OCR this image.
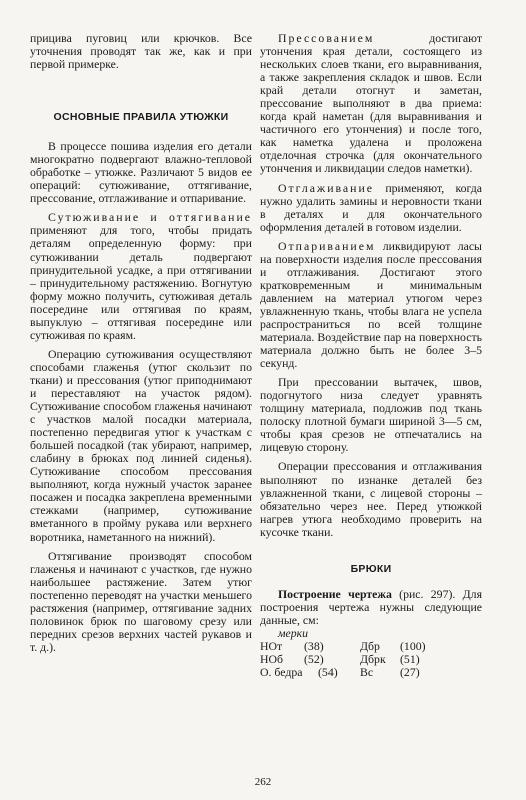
прицива пуговиц или крючков. Все уточнения проводят так же, как и при первой примерке.

ОСНОВНЫЕ ПРАВИЛА УТЮЖКИ

В процессе пошива изделия его детали многократно подвергают влажно-тепловой обработке – утюжке. Различают 5 видов ее операций: сутюживание, оттягивание, прессование, отглаживание и отпаривание.

Сутюживание и оттягивание применяют для того, чтобы придать деталям определенную форму: при сутюживании деталь подвергают принудительной усадке, а при оттягивании – принудительному растяжению. Вогнутую форму можно получить, сутюживая деталь посередине или оттягивая по краям, выпуклую – оттягивая посередине или сутюживая по краям.

Операцию сутюживания осуществляют способами глаженья (утюг скользит по ткани) и прессования (утюг приподнимают и переставляют на участок рядом). Сутюживание способом глаженья начинают с участков малой посадки материала, постепенно передвигая утюг к участкам с большей посадкой (так убирают, например, слабину в брюках под линией сиденья). Сутюживание способом прессования выполняют, когда нужный участок заранее посажен и посадка закреплена временными стежками (например, сутюживание вметанного в пройму рукава или верхнего воротника, наметанного на нижний).

Оттягивание производят способом глаженья и начинают с участков, где нужно наибольшее растяжение. Затем утюг постепенно переводят на участки меньшего растяжения (например, оттягивание задних половинок брюк по шаговому срезу или передних срезов верхних частей рукавов и т. д.).

Прессованием достигают утончения края детали, состоящего из нескольких слоев ткани, его выравнивания, а также закрепления складок и швов. Если край детали отогнут и заметан, прессование выполняют в два приема: когда край наметан (для выравнивания и частичного его утончения) и после того, как наметка удалена и проложена отделочная строчка (для окончательного утончения и ликвидации следов наметки).

Отглаживание применяют, когда нужно удалить замины и неровности ткани в деталях и для окончательного оформления деталей в готовом изделии.

Отпариванием ликвидируют ласы на поверхности изделия после прессования и отглаживания. Достигают этого кратковременным и минимальным давлением на материал утюгом через увлажненную ткань, чтобы влага не успела распространиться по всей толщине материала. Воздействие пар на поверхность материала должно быть не более 3–5 секунд.

При прессовании вытачек, швов, подогнутого низа следует уравнять толщину материала, подложив под ткань полоску плотной бумаги шириной 3—5 см, чтобы края срезов не отпечатались на лицевую сторону.

Операции прессования и отглаживания выполняют по изнанке деталей без увлажненной ткани, с лицевой стороны – обязательно через нее. Перед утюжкой нагрев утюга необходимо проверить на кусочке ткани.

БРЮКИ

Построение чертежа (рис. 297). Для построения чертежа нужны следующие данные, см:

мерки
НОт	(38)	Дбр	(100)
НОб	(52)	Дбрк	(51)
О. бедра	(54)	Вс	(27)
262
